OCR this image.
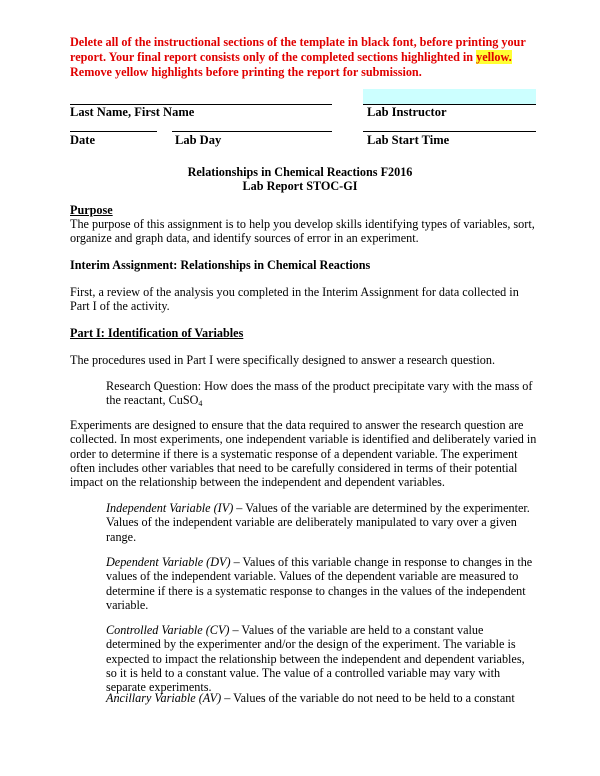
Delete all of the instructional sections of the template in black font, before printing your report. Your final report consists only of the completed sections highlighted in yellow. Remove yellow highlights before printing the report for submission.
Last Name, First Name	Lab Instructor
Date	Lab Day	Lab Start Time
Relationships in Chemical Reactions F2016
Lab Report STOC-GI
Purpose
The purpose of this assignment is to help you develop skills identifying types of variables, sort, organize and graph data, and identify sources of error in an experiment.
Interim Assignment: Relationships in Chemical Reactions
First, a review of the analysis you completed in the Interim Assignment for data collected in Part I of the activity.
Part I: Identification of Variables
The procedures used in Part I were specifically designed to answer a research question.
Research Question: How does the mass of the product precipitate vary with the mass of the reactant, CuSO$_4$
Experiments are designed to ensure that the data required to answer the research question are collected. In most experiments, one independent variable is identified and deliberately varied in order to determine if there is a systematic response of a dependent variable. The experiment often includes other variables that need to be carefully considered in terms of their potential impact on the relationship between the independent and dependent variables.
Independent Variable (IV) – Values of the variable are determined by the experimenter. Values of the independent variable are deliberately manipulated to vary over a given range.
Dependent Variable (DV) – Values of this variable change in response to changes in the values of the independent variable. Values of the dependent variable are measured to determine if there is a systematic response to changes in the values of the independent variable.
Controlled Variable (CV) – Values of the variable are held to a constant value determined by the experimenter and/or the design of the experiment. The variable is expected to impact the relationship between the independent and dependent variables, so it is held to a constant value. The value of a controlled variable may vary with separate experiments.
Ancillary Variable (AV) – Values of the variable do not need to be held to a constant
